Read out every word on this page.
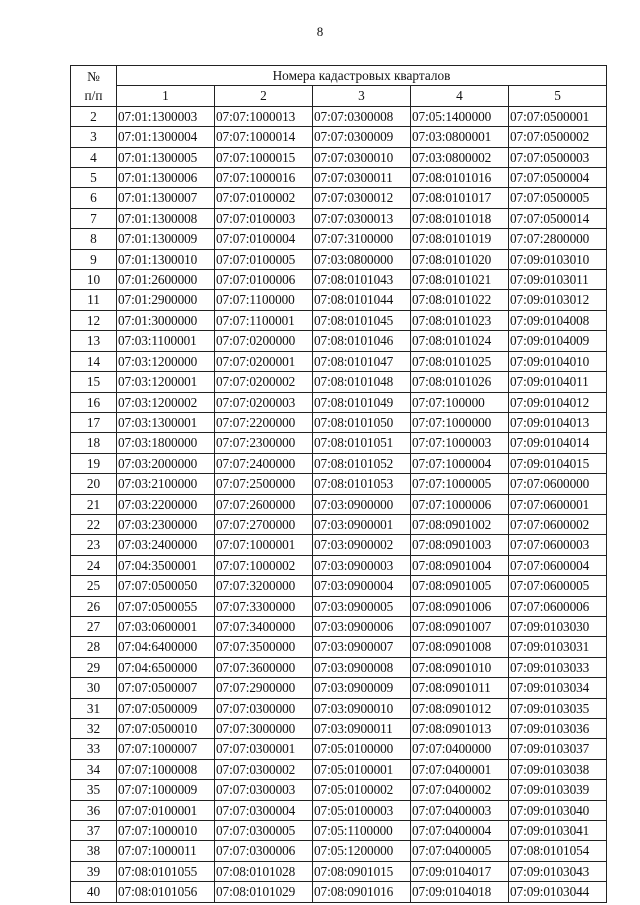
8
№
п/п	Номера кадастровых кварталов				
	1	2	3	4	5
2	07:01:1300003	07:07:1000013	07:07:0300008	07:05:1400000	07:07:0500001
3	07:01:1300004	07:07:1000014	07:07:0300009	07:03:0800001	07:07:0500002
4	07:01:1300005	07:07:1000015	07:07:0300010	07:03:0800002	07:07:0500003
5	07:01:1300006	07:07:1000016	07:07:0300011	07:08:0101016	07:07:0500004
6	07:01:1300007	07:07:0100002	07:07:0300012	07:08:0101017	07:07:0500005
7	07:01:1300008	07:07:0100003	07:07:0300013	07:08:0101018	07:07:0500014
8	07:01:1300009	07:07:0100004	07:07:3100000	07:08:0101019	07:07:2800000
9	07:01:1300010	07:07:0100005	07:03:0800000	07:08:0101020	07:09:0103010
10	07:01:2600000	07:07:0100006	07:08:0101043	07:08:0101021	07:09:0103011
11	07:01:2900000	07:07:1100000	07:08:0101044	07:08:0101022	07:09:0103012
12	07:01:3000000	07:07:1100001	07:08:0101045	07:08:0101023	07:09:0104008
13	07:03:1100001	07:07:0200000	07:08:0101046	07:08:0101024	07:09:0104009
14	07:03:1200000	07:07:0200001	07:08:0101047	07:08:0101025	07:09:0104010
15	07:03:1200001	07:07:0200002	07:08:0101048	07:08:0101026	07:09:0104011
16	07:03:1200002	07:07:0200003	07:08:0101049	07:07:100000	07:09:0104012
17	07:03:1300001	07:07:2200000	07:08:0101050	07:07:1000000	07:09:0104013
18	07:03:1800000	07:07:2300000	07:08:0101051	07:07:1000003	07:09:0104014
19	07:03:2000000	07:07:2400000	07:08:0101052	07:07:1000004	07:09:0104015
20	07:03:2100000	07:07:2500000	07:08:0101053	07:07:1000005	07:07:0600000
21	07:03:2200000	07:07:2600000	07:03:0900000	07:07:1000006	07:07:0600001
22	07:03:2300000	07:07:2700000	07:03:0900001	07:08:0901002	07:07:0600002
23	07:03:2400000	07:07:1000001	07:03:0900002	07:08:0901003	07:07:0600003
24	07:04:3500001	07:07:1000002	07:03:0900003	07:08:0901004	07:07:0600004
25	07:07:0500050	07:07:3200000	07:03:0900004	07:08:0901005	07:07:0600005
26	07:07:0500055	07:07:3300000	07:03:0900005	07:08:0901006	07:07:0600006
27	07:03:0600001	07:07:3400000	07:03:0900006	07:08:0901007	07:09:0103030
28	07:04:6400000	07:07:3500000	07:03:0900007	07:08:0901008	07:09:0103031
29	07:04:6500000	07:07:3600000	07:03:0900008	07:08:0901010	07:09:0103033
30	07:07:0500007	07:07:2900000	07:03:0900009	07:08:0901011	07:09:0103034
31	07:07:0500009	07:07:0300000	07:03:0900010	07:08:0901012	07:09:0103035
32	07:07:0500010	07:07:3000000	07:03:0900011	07:08:0901013	07:09:0103036
33	07:07:1000007	07:07:0300001	07:05:0100000	07:07:0400000	07:09:0103037
34	07:07:1000008	07:07:0300002	07:05:0100001	07:07:0400001	07:09:0103038
35	07:07:1000009	07:07:0300003	07:05:0100002	07:07:0400002	07:09:0103039
36	07:07:0100001	07:07:0300004	07:05:0100003	07:07:0400003	07:09:0103040
37	07:07:1000010	07:07:0300005	07:05:1100000	07:07:0400004	07:09:0103041
38	07:07:1000011	07:07:0300006	07:05:1200000	07:07:0400005	07:08:0101054
39	07:08:0101055	07:08:0101028	07:08:0901015	07:09:0104017	07:09:0103043
40	07:08:0101056	07:08:0101029	07:08:0901016	07:09:0104018	07:09:0103044
